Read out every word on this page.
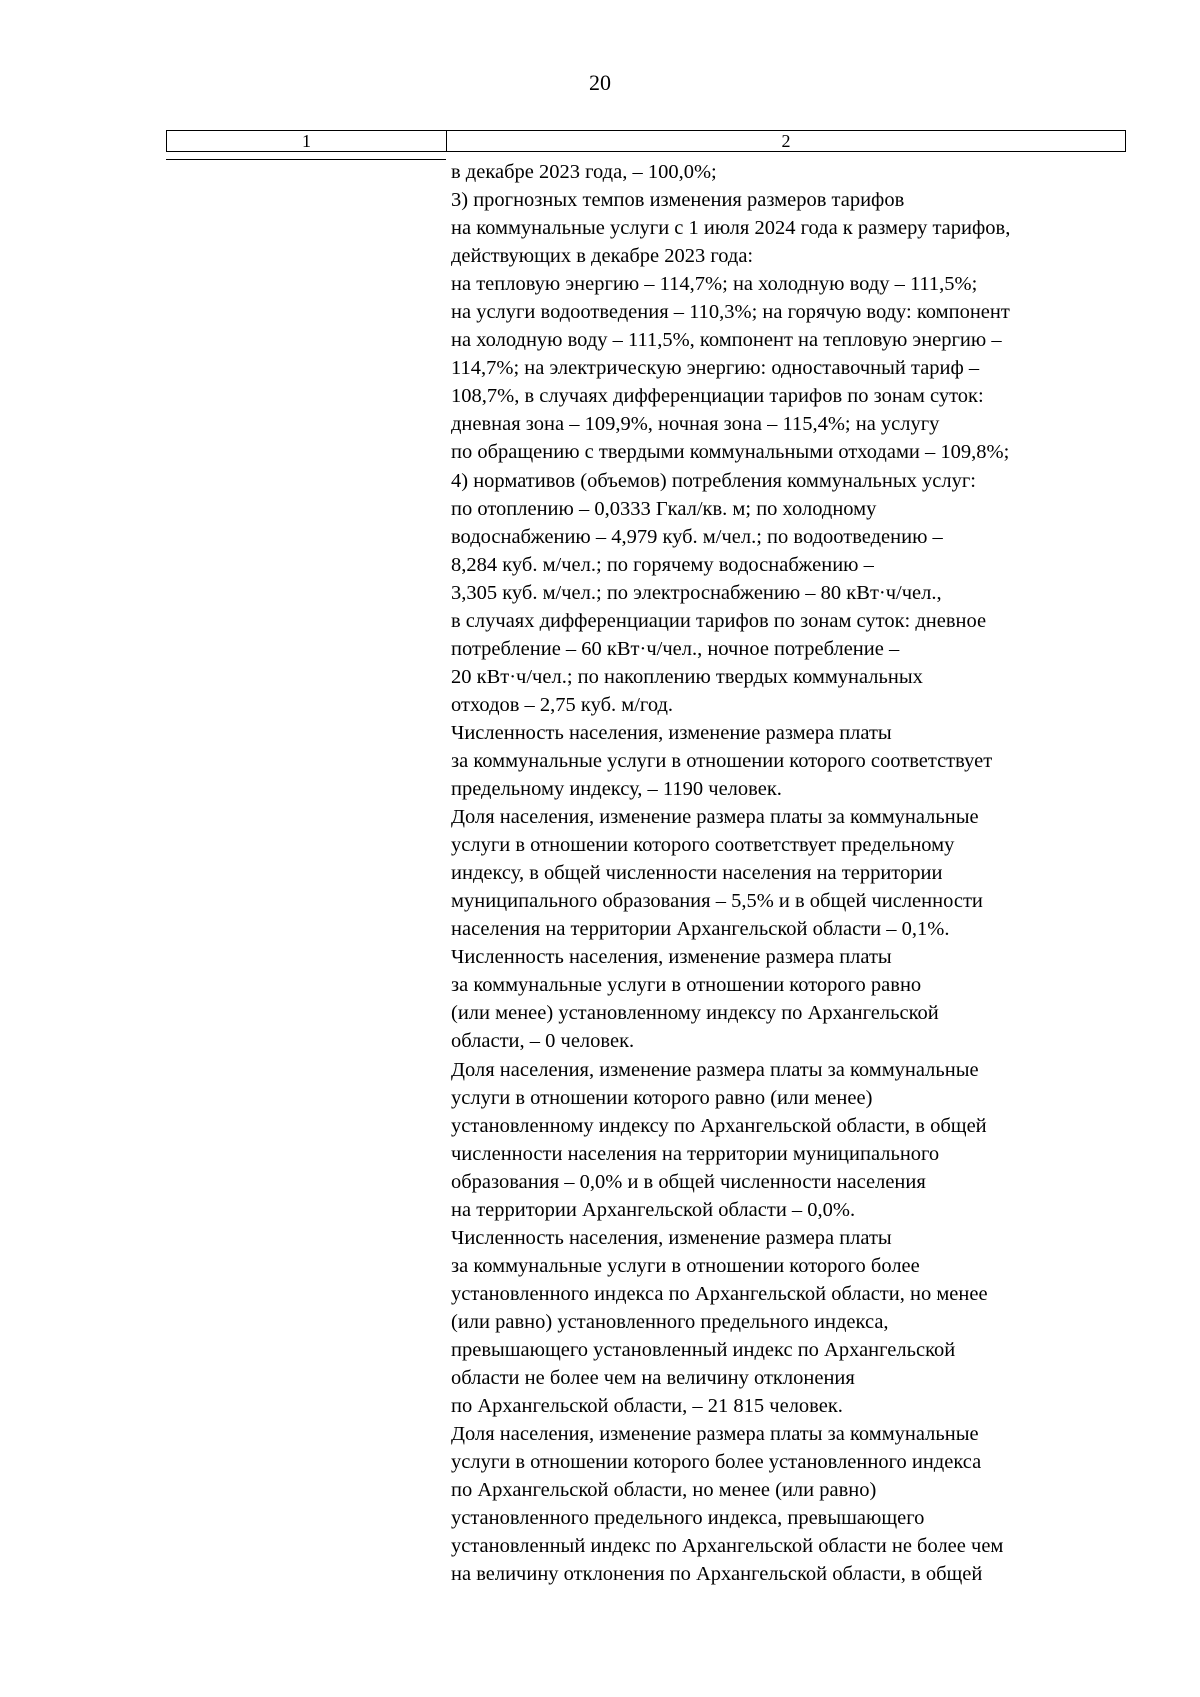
20
1	2
в декабре 2023 года, – 100,0%;
3) прогнозных темпов изменения размеров тарифов
на коммунальные услуги с 1 июля 2024 года к размеру тарифов,
действующих в декабре 2023 года:
на тепловую энергию – 114,7%; на холодную воду – 111,5%;
на услуги водоотведения – 110,3%; на горячую воду: компонент
на холодную воду – 111,5%, компонент на тепловую энергию –
114,7%; на электрическую энергию: одноставочный тариф –
108,7%, в случаях дифференциации тарифов по зонам суток:
дневная зона – 109,9%, ночная зона – 115,4%; на услугу
по обращению с твердыми коммунальными отходами – 109,8%;
4) нормативов (объемов) потребления коммунальных услуг:
по отоплению – 0,0333 Гкал/кв. м; по холодному
водоснабжению – 4,979 куб. м/чел.; по водоотведению –
8,284 куб. м/чел.; по горячему водоснабжению –
3,305 куб. м/чел.; по электроснабжению – 80 кВт·ч/чел.,
в случаях дифференциации тарифов по зонам суток: дневное
потребление – 60 кВт·ч/чел., ночное потребление –
20 кВт·ч/чел.; по накоплению твердых коммунальных
отходов – 2,75 куб. м/год.
Численность населения, изменение размера платы
за коммунальные услуги в отношении которого соответствует
предельному индексу, – 1190 человек.
Доля населения, изменение размера платы за коммунальные
услуги в отношении которого соответствует предельному
индексу, в общей численности населения на территории
муниципального образования – 5,5% и в общей численности
населения на территории Архангельской области – 0,1%.
Численность населения, изменение размера платы
за коммунальные услуги в отношении которого равно
(или менее) установленному индексу по Архангельской
области, – 0 человек.
Доля населения, изменение размера платы за коммунальные
услуги в отношении которого равно (или менее)
установленному индексу по Архангельской области, в общей
численности населения на территории муниципального
образования – 0,0% и в общей численности населения
на территории Архангельской области – 0,0%.
Численность населения, изменение размера платы
за коммунальные услуги в отношении которого более
установленного индекса по Архангельской области, но менее
(или равно) установленного предельного индекса,
превышающего установленный индекс по Архангельской
области не более чем на величину отклонения
по Архангельской области, – 21 815 человек.
Доля населения, изменение размера платы за коммунальные
услуги в отношении которого более установленного индекса
по Архангельской области, но менее (или равно)
установленного предельного индекса, превышающего
установленный индекс по Архангельской области не более чем
на величину отклонения по Архангельской области, в общей
